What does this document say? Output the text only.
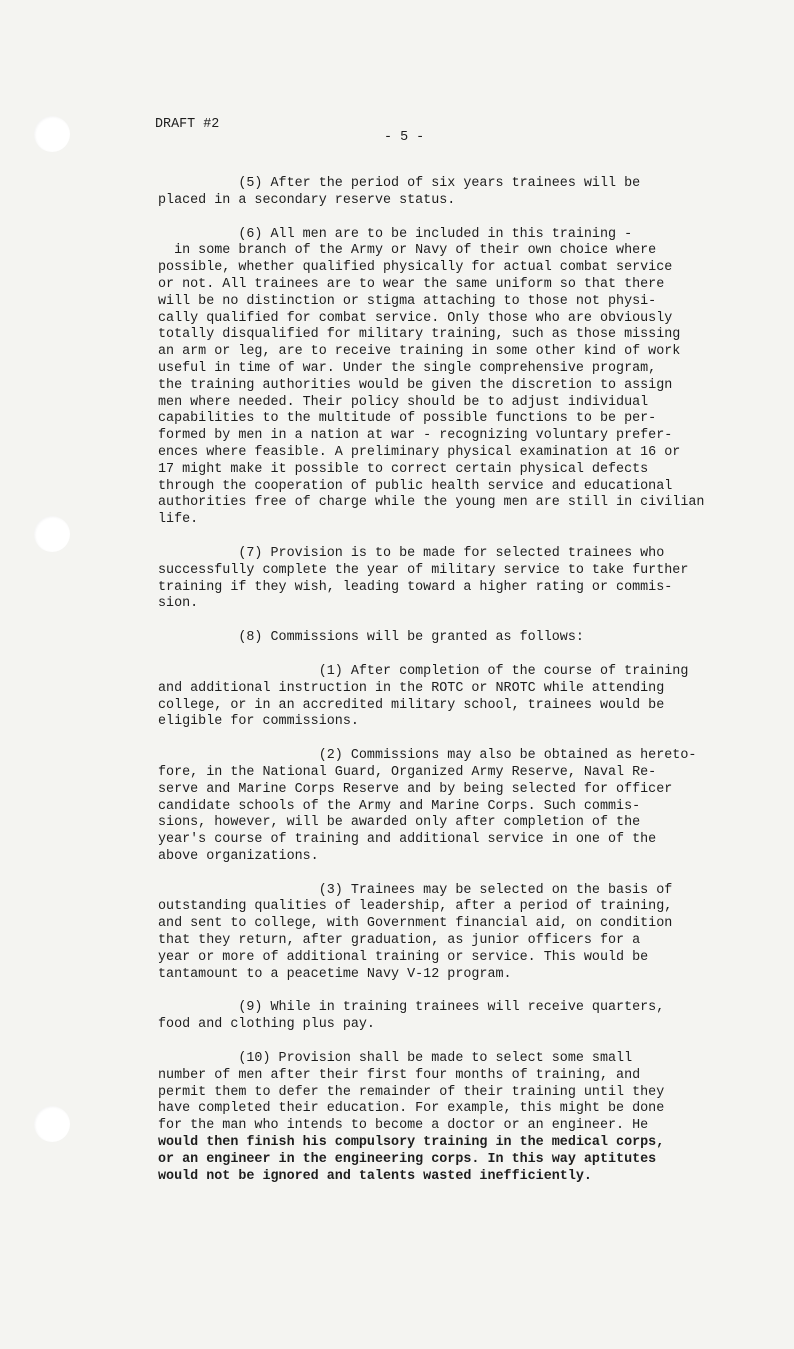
DRAFT #2
- 5 -
(5) After the period of six years trainees will be
placed in a secondary reserve status.
(6) All men are to be included in this training -
in some branch of the Army or Navy of their own choice where
possible, whether qualified physically for actual combat service
or not. All trainees are to wear the same uniform so that there
will be no distinction or stigma attaching to those not physi-
cally qualified for combat service. Only those who are obviously
totally disqualified for military training, such as those missing
an arm or leg, are to receive training in some other kind of work
useful in time of war. Under the single comprehensive program,
the training authorities would be given the discretion to assign
men where needed. Their policy should be to adjust individual
capabilities to the multitude of possible functions to be per-
formed by men in a nation at war - recognizing voluntary prefer-
ences where feasible. A preliminary physical examination at 16 or
17 might make it possible to correct certain physical defects
through the cooperation of public health service and educational
authorities free of charge while the young men are still in civilian
life.
(7) Provision is to be made for selected trainees who
successfully complete the year of military service to take further
training if they wish, leading toward a higher rating or commis-
sion.
(8) Commissions will be granted as follows:
(1) After completion of the course of training
and additional instruction in the ROTC or NROTC while attending
college, or in an accredited military school, trainees would be
eligible for commissions.
(2) Commissions may also be obtained as hereto-
fore, in the National Guard, Organized Army Reserve, Naval Re-
serve and Marine Corps Reserve and by being selected for officer
candidate schools of the Army and Marine Corps. Such commis-
sions, however, will be awarded only after completion of the
year's course of training and additional service in one of the
above organizations.
(3) Trainees may be selected on the basis of
outstanding qualities of leadership, after a period of training,
and sent to college, with Government financial aid, on condition
that they return, after graduation, as junior officers for a
year or more of additional training or service. This would be
tantamount to a peacetime Navy V-12 program.
(9) While in training trainees will receive quarters,
food and clothing plus pay.
(10) Provision shall be made to select some small
number of men after their first four months of training, and
permit them to defer the remainder of their training until they
have completed their education. For example, this might be done
for the man who intends to become a doctor or an engineer. He
would then finish his compulsory training in the medical corps,
or an engineer in the engineering corps. In this way aptitutes
would not be ignored and talents wasted inefficiently.
